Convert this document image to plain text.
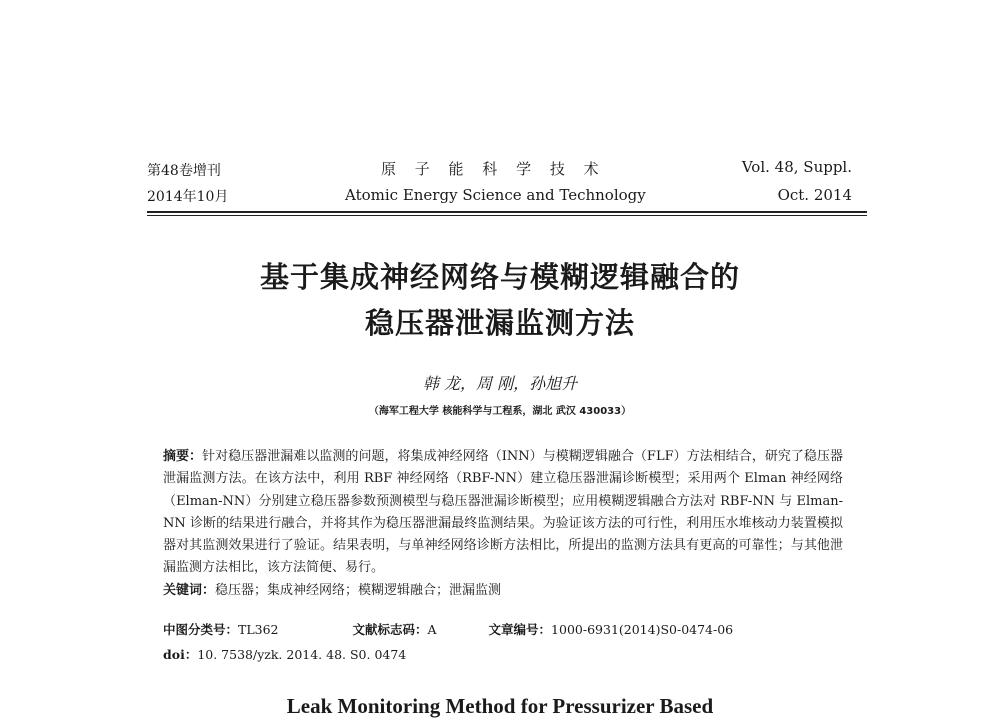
第48卷增刊
2014年10月
原 子 能 科 学 技 术
Atomic Energy Science and Technology
Vol. 48, Suppl.
Oct. 2014
基于集成神经网络与模糊逻辑融合的
稳压器泄漏监测方法
韩 龙，周 刚，孙旭升
（海军工程大学 核能科学与工程系，湖北 武汉 430033）

摘要：针对稳压器泄漏难以监测的问题，将集成神经网络（INN）与模糊逻辑融合（FLF）方法相结合，研究了稳压器泄漏监测方法。在该方法中，利用 RBF 神经网络（RBF-NN）建立稳压器泄漏诊断模型；采用两个 Elman 神经网络（Elman-NN）分别建立稳压器参数预测模型与稳压器泄漏诊断模型；应用模糊逻辑融合方法对 RBF-NN 与 Elman-NN 诊断的结果进行融合，并将其作为稳压器泄漏最终监测结果。为验证该方法的可行性，利用压水堆核动力装置模拟器对其监测效果进行了验证。结果表明，与单神经网络诊断方法相比，所提出的监测方法具有更高的可靠性；与其他泄漏监测方法相比，该方法简便、易行。

关键词：稳压器；集成神经网络；模糊逻辑融合；泄漏监测

中图分类号：TL362	文献标志码：A	文章编号：1000-6931(2014)S0-0474-06
doi：10. 7538/yzk. 2014. 48. S0. 0474
Leak Monitoring Method for Pressurizer Based
